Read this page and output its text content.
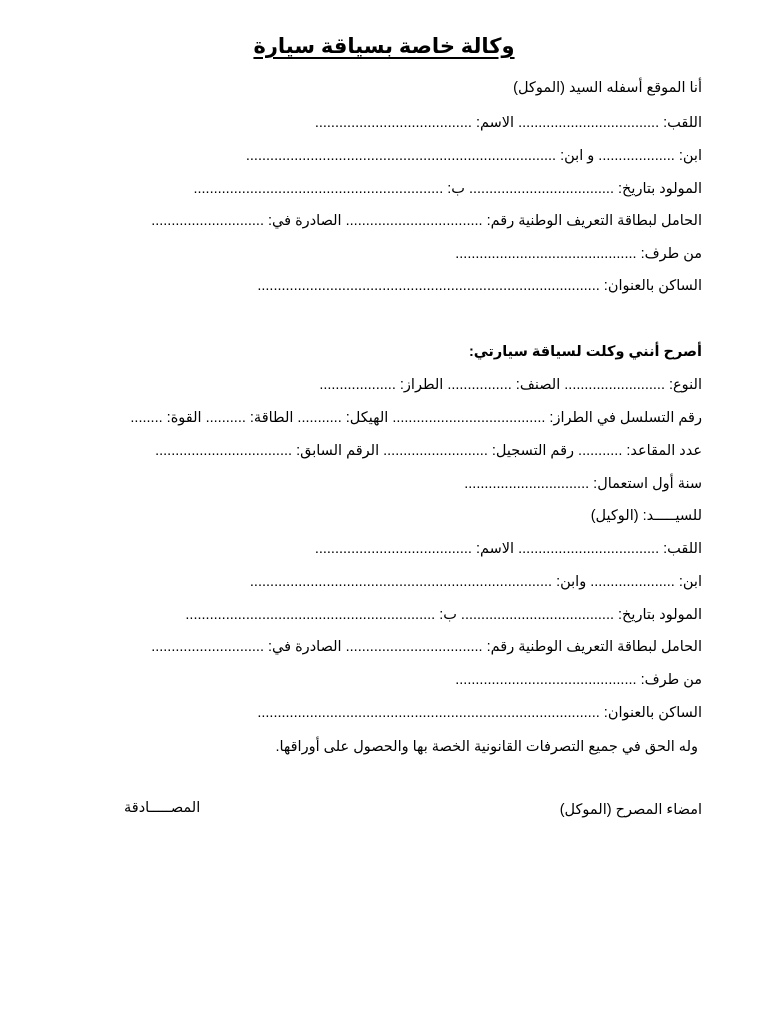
وكالة خاصة بسياقة سيارة
أنا الموقع أسفله السيد (الموكل)
اللقب: ................................... الاسم: .......................................
ابن: ................... و ابن: .............................................................................
المولود بتاريخ: .................................... ب: ..............................................................
الحامل لبطاقة التعريف الوطنية رقم: .................................. الصادرة في: ............................
من طرف: .............................................
الساكن بالعنوان: .....................................................................................
أصرح أنني وكلت لسياقة سيارتي:
النوع: ......................... الصنف: ................ الطراز: ...................
رقم التسلسل في الطراز: ...................................... الهيكل: ........... الطاقة: .......... القوة: ........
عدد المقاعد: ........... رقم التسجيل: .......................... الرقم السابق: ..................................
سنة أول استعمال: ...............................
للسيـــــد: (الوكيل)
اللقب: ................................... الاسم: .......................................
ابن: ..................... وابن: ...........................................................................
المولود بتاريخ: ...................................... ب: ..............................................................
الحامل لبطاقة التعريف الوطنية رقم: .................................. الصادرة في: ............................
من طرف: .............................................
الساكن بالعنوان: .....................................................................................
وله الحق في جميع التصرفات القانونية الخصة بها والحصول على أوراقها.
امضاء المصرح (الموكل)
المصـــــادقة
